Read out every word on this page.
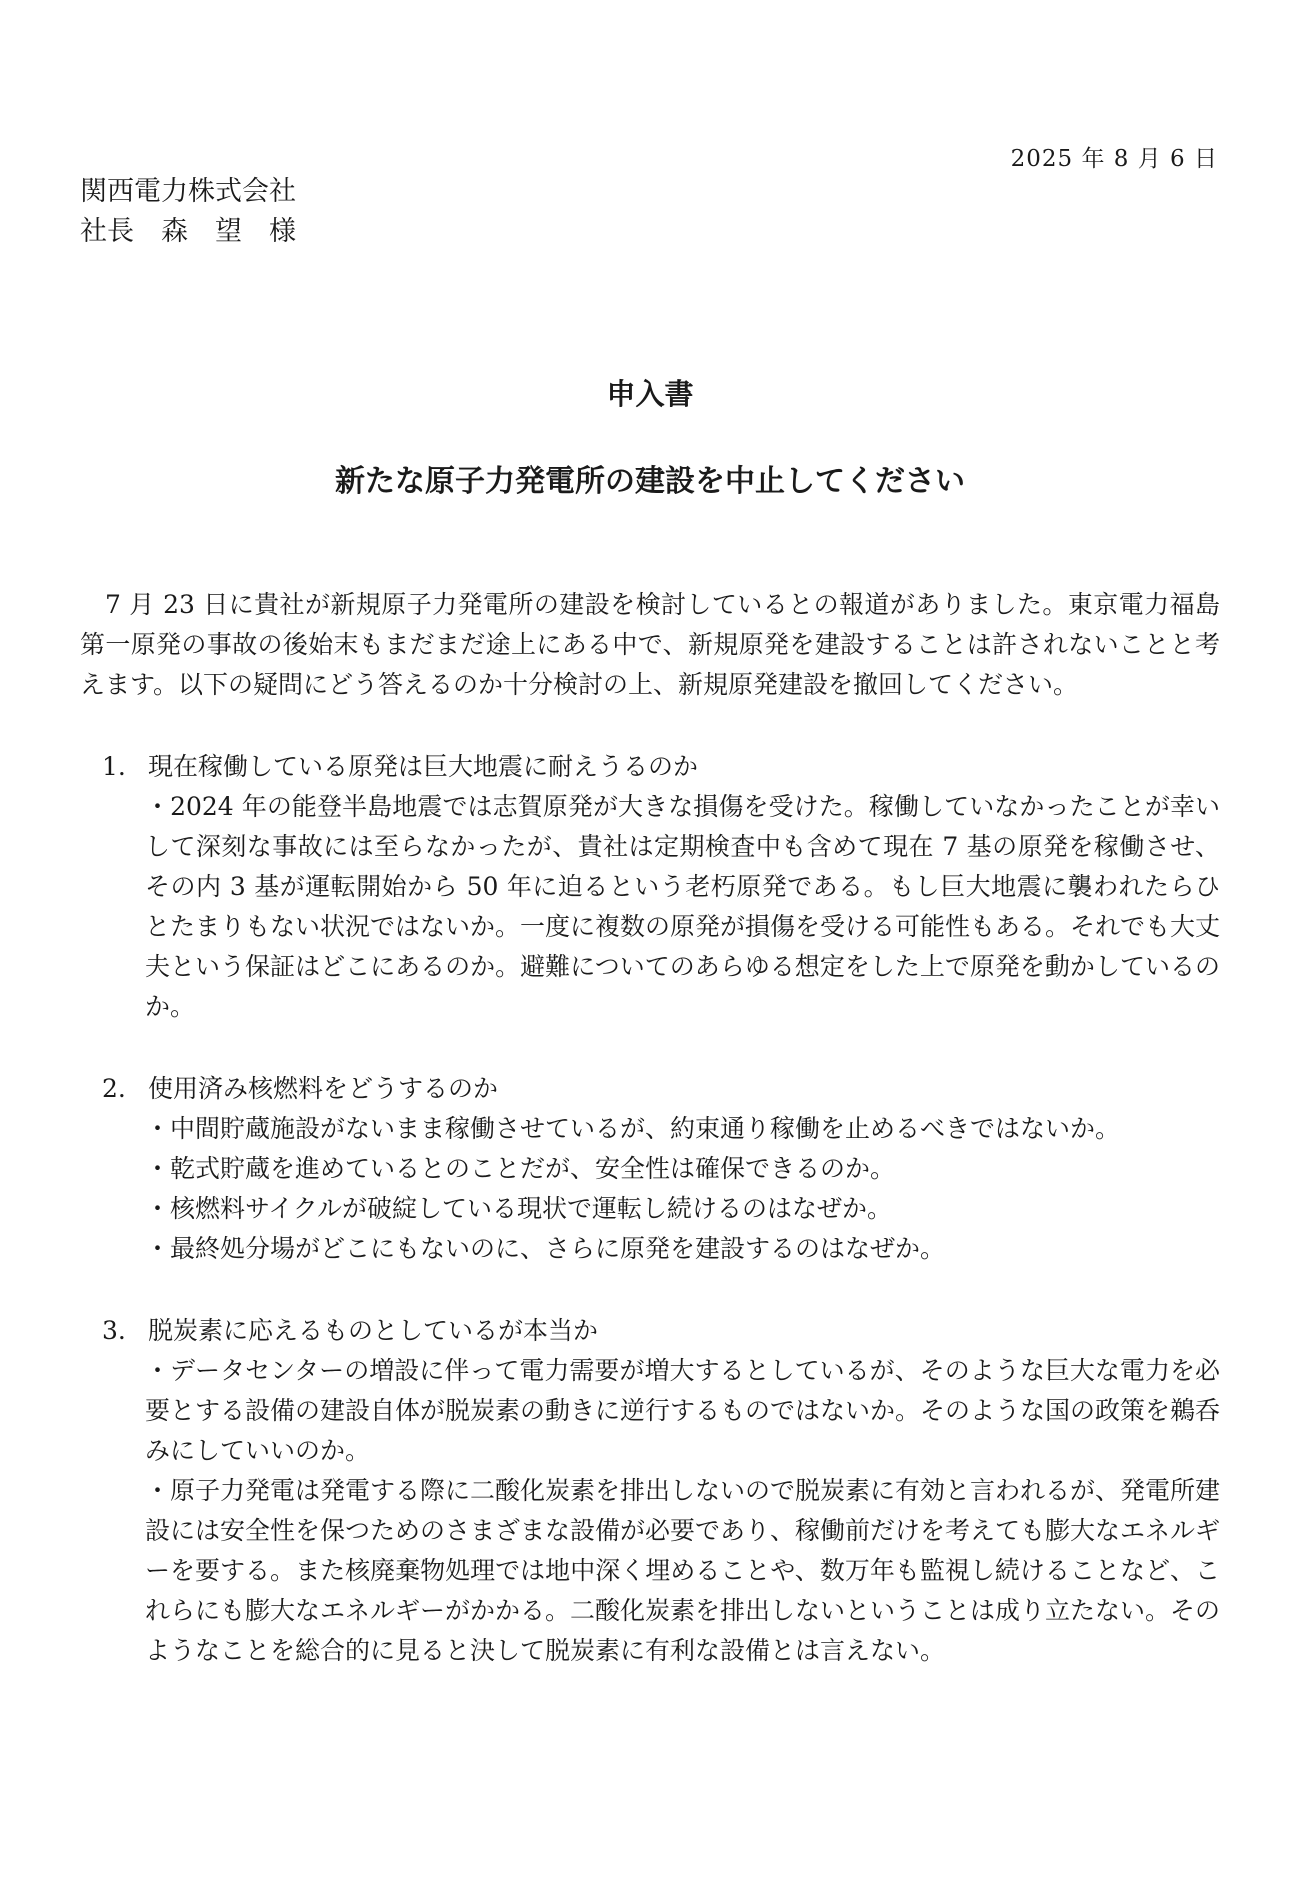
2025 年 8 月 6 日
関西電力株式会社
社長　森　望　様
申入書
新たな原子力発電所の建設を中止してください

7 月 23 日に貴社が新規原子力発電所の建設を検討しているとの報道がありました。東京電力福島第一原発の事故の後始末もまだまだ途上にある中で、新規原発を建設することは許されないことと考えます。以下の疑問にどう答えるのか十分検討の上、新規原発建設を撤回してください。

1. 現在稼働している原発は巨大地震に耐えうるのか

・2024 年の能登半島地震では志賀原発が大きな損傷を受けた。稼働していなかったことが幸いして深刻な事故には至らなかったが、貴社は定期検査中も含めて現在 7 基の原発を稼働させ、その内 3 基が運転開始から 50 年に迫るという老朽原発である。もし巨大地震に襲われたらひとたまりもない状況ではないか。一度に複数の原発が損傷を受ける可能性もある。それでも大丈夫という保証はどこにあるのか。避難についてのあらゆる想定をした上で原発を動かしているのか。

2. 使用済み核燃料をどうするのか

・中間貯蔵施設がないまま稼働させているが、約束通り稼働を止めるべきではないか。

・乾式貯蔵を進めているとのことだが、安全性は確保できるのか。

・核燃料サイクルが破綻している現状で運転し続けるのはなぜか。

・最終処分場がどこにもないのに、さらに原発を建設するのはなぜか。

3. 脱炭素に応えるものとしているが本当か

・データセンターの増設に伴って電力需要が増大するとしているが、そのような巨大な電力を必要とする設備の建設自体が脱炭素の動きに逆行するものではないか。そのような国の政策を鵜呑みにしていいのか。

・原子力発電は発電する際に二酸化炭素を排出しないので脱炭素に有効と言われるが、発電所建設には安全性を保つためのさまざまな設備が必要であり、稼働前だけを考えても膨大なエネルギーを要する。また核廃棄物処理では地中深く埋めることや、数万年も監視し続けることなど、これらにも膨大なエネルギーがかかる。二酸化炭素を排出しないということは成り立たない。そのようなことを総合的に見ると決して脱炭素に有利な設備とは言えない。
